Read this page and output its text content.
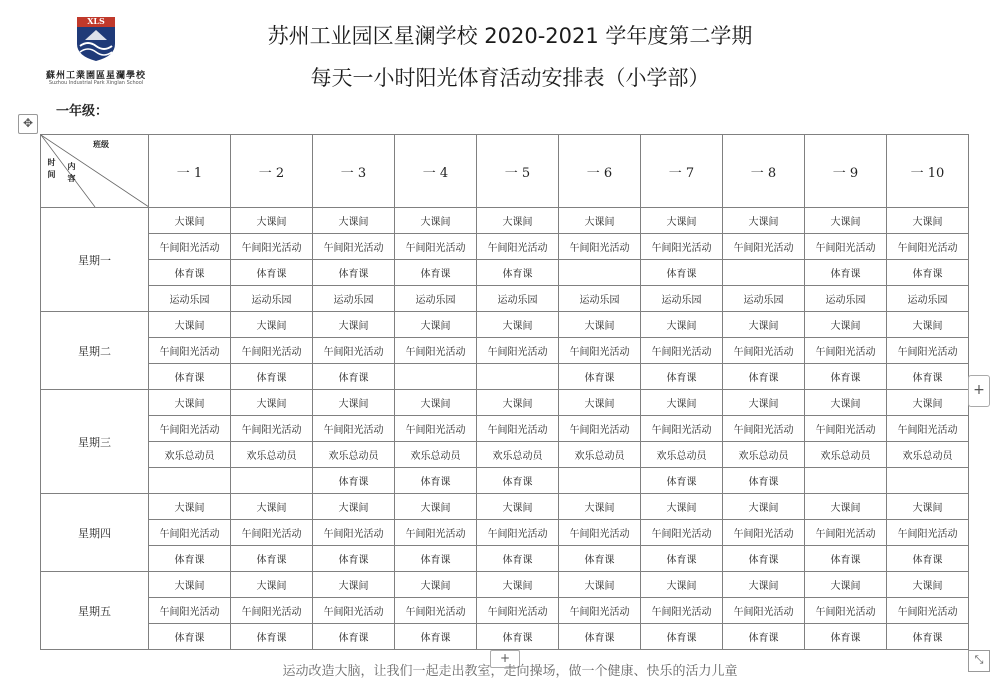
XLS
蘇州工業園區星瀾學校
Suzhou Industrial Park Xinglan School
苏州工业园区星澜学校 2020-2021 学年度第二学期
每天一小时阳光体育活动安排表（小学部）
一年级：
✥
班级
时间
内容	一 1	一 2	一 3	一 4	一 5	一 6	一 7	一 8	一 9	一 10
星期一	大课间	大课间	大课间	大课间	大课间	大课间	大课间	大课间	大课间	大课间
	午间阳光活动	午间阳光活动	午间阳光活动	午间阳光活动	午间阳光活动	午间阳光活动	午间阳光活动	午间阳光活动	午间阳光活动	午间阳光活动
	体育课	体育课	体育课	体育课	体育课		体育课		体育课	体育课
	运动乐园	运动乐园	运动乐园	运动乐园	运动乐园	运动乐园	运动乐园	运动乐园	运动乐园	运动乐园
星期二	大课间	大课间	大课间	大课间	大课间	大课间	大课间	大课间	大课间	大课间
	午间阳光活动	午间阳光活动	午间阳光活动	午间阳光活动	午间阳光活动	午间阳光活动	午间阳光活动	午间阳光活动	午间阳光活动	午间阳光活动
	体育课	体育课	体育课			体育课	体育课	体育课	体育课	体育课
星期三	大课间	大课间	大课间	大课间	大课间	大课间	大课间	大课间	大课间	大课间
	午间阳光活动	午间阳光活动	午间阳光活动	午间阳光活动	午间阳光活动	午间阳光活动	午间阳光活动	午间阳光活动	午间阳光活动	午间阳光活动
	欢乐总动员	欢乐总动员	欢乐总动员	欢乐总动员	欢乐总动员	欢乐总动员	欢乐总动员	欢乐总动员	欢乐总动员	欢乐总动员
			体育课	体育课	体育课		体育课	体育课		
星期四	大课间	大课间	大课间	大课间	大课间	大课间	大课间	大课间	大课间	大课间
	午间阳光活动	午间阳光活动	午间阳光活动	午间阳光活动	午间阳光活动	午间阳光活动	午间阳光活动	午间阳光活动	午间阳光活动	午间阳光活动
	体育课	体育课	体育课	体育课	体育课	体育课	体育课	体育课	体育课	体育课
星期五	大课间	大课间	大课间	大课间	大课间	大课间	大课间	大课间	大课间	大课间
	午间阳光活动	午间阳光活动	午间阳光活动	午间阳光活动	午间阳光活动	午间阳光活动	午间阳光活动	午间阳光活动	午间阳光活动	午间阳光活动
	体育课	体育课	体育课	体育课	体育课	体育课	体育课	体育课	体育课	体育课
+
+
运动改造大脑，让我们一起走出教室，走向操场，做一个健康、快乐的活力儿童
⤡
